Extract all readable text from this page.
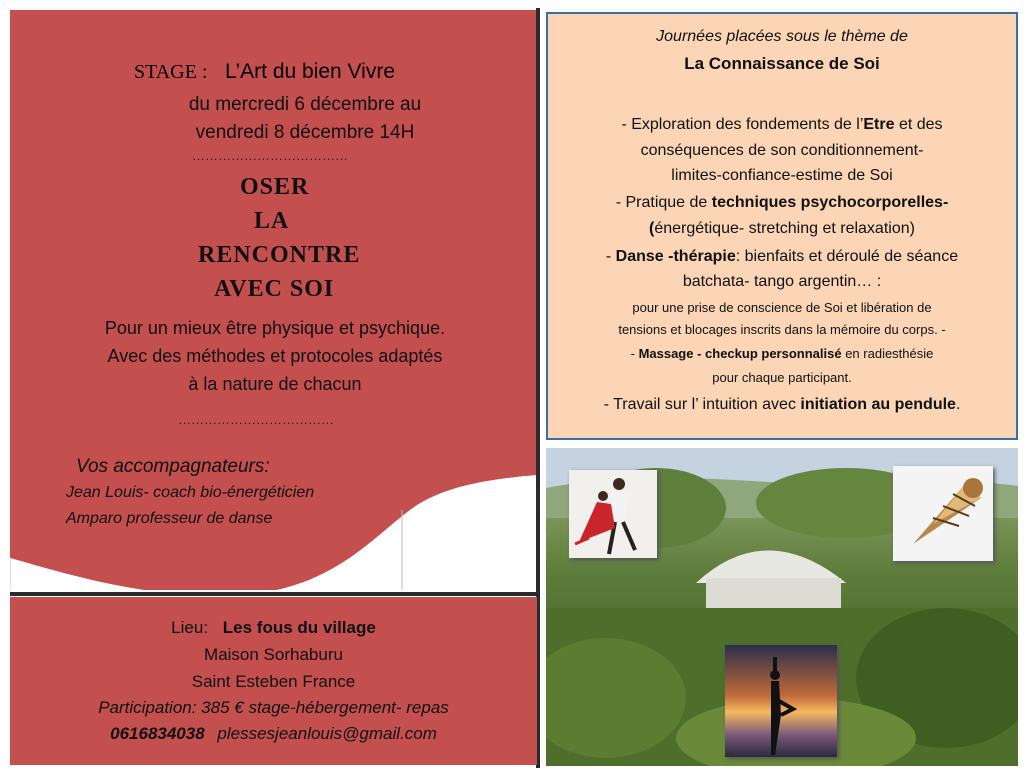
STAGE : L’Art du bien Vivre
du mercredi 6 décembre au
vendredi 8 décembre 14H
………………………………
OSER
LA
RENCONTRE
AVEC SOI
Pour un mieux être physique et psychique.
Avec des méthodes et protocoles adaptés
à la nature de chacun
………………………………
Vos accompagnateurs:
Jean Louis- coach bio-énergéticien
Amparo professeur de danse
Journées placées sous le thème de
La Connaissance de Soi
- Exploration des fondements de l’Etre et des
conséquences de son conditionnement-
limites-confiance-estime de Soi
- Pratique de techniques psychocorporelles-
(énergétique- stretching et relaxation)
- Danse -thérapie: bienfaits et déroulé de séance
batchata- tango argentin… :
pour une prise de conscience de Soi et libération de
tensions et blocages inscrits dans la mémoire du corps. -
- Massage - checkup personnalisé en radiesthésie
pour chaque participant.
- Travail sur l’ intuition avec initiation au pendule.
Lieu: Les fous du village
Maison Sorhaburu
Saint Esteben France
Participation: 385 € stage-hébergement- repas
0616834038 plessesjeanlouis@gmail.com
